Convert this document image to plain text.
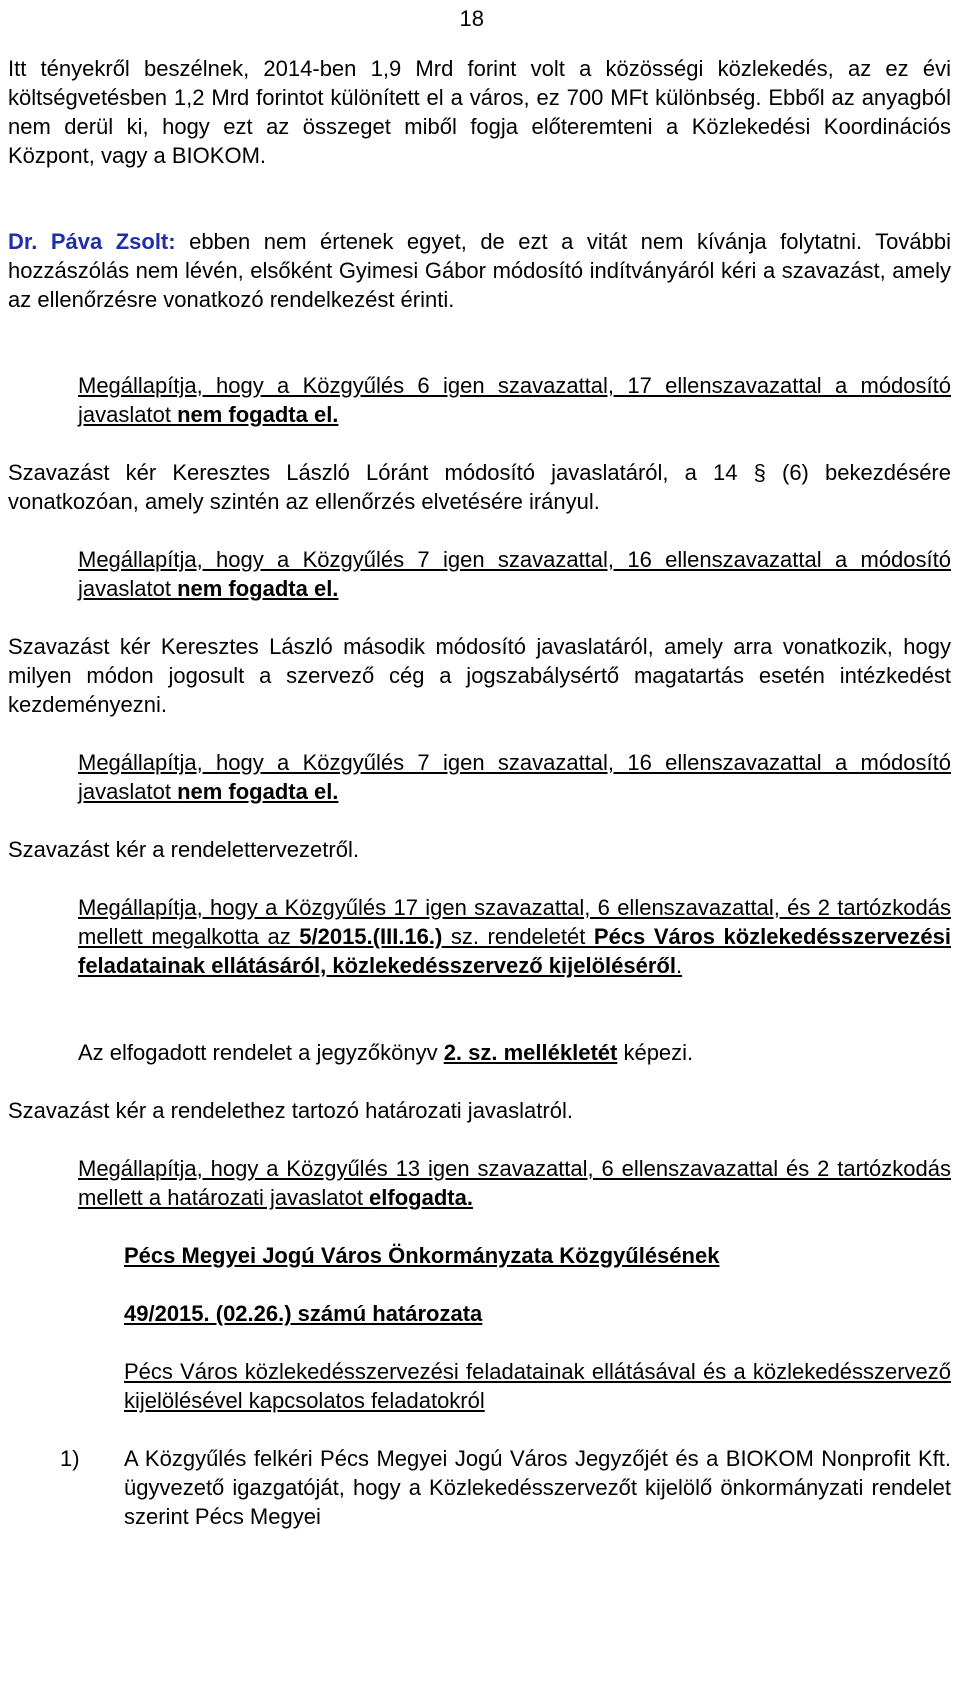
18

Itt tényekről beszélnek, 2014-ben 1,9 Mrd forint volt a közösségi közlekedés, az ez évi költségvetésben 1,2 Mrd forintot különített el a város, ez 700 MFt különbség. Ebből az anyagból nem derül ki, hogy ezt az összeget miből fogja előteremteni a Közlekedési Koordinációs Központ, vagy a BIOKOM.

Dr. Páva Zsolt: ebben nem értenek egyet, de ezt a vitát nem kívánja folytatni. További hozzászólás nem lévén, elsőként Gyimesi Gábor módosító indítványáról kéri a szavazást, amely az ellenőrzésre vonatkozó rendelkezést érinti.

Megállapítja, hogy a Közgyűlés 6 igen szavazattal, 17 ellenszavazattal a módosító javaslatot nem fogadta el.

Szavazást kér Keresztes László Lóránt módosító javaslatáról, a 14 § (6) bekezdésére vonatkozóan, amely szintén az ellenőrzés elvetésére irányul.

Megállapítja, hogy a Közgyűlés 7 igen szavazattal, 16 ellenszavazattal a módosító javaslatot nem fogadta el.

Szavazást kér Keresztes László második módosító javaslatáról, amely arra vonatkozik, hogy milyen módon jogosult a szervező cég a jogszabálysértő magatartás esetén intézkedést kezdeményezni.

Megállapítja, hogy a Közgyűlés 7 igen szavazattal, 16 ellenszavazattal a módosító javaslatot nem fogadta el.

Szavazást kér a rendelettervezetről.

Megállapítja, hogy a Közgyűlés 17 igen szavazattal, 6 ellenszavazattal, és 2 tartózkodás mellett megalkotta az 5/2015.(III.16.) sz. rendeletét Pécs Város közlekedésszervezési feladatainak ellátásáról, közlekedésszervező kijelöléséről.

Az elfogadott rendelet a jegyzőkönyv 2. sz. mellékletét képezi.

Szavazást kér a rendelethez tartozó határozati javaslatról.

Megállapítja, hogy a Közgyűlés 13 igen szavazattal, 6 ellenszavazattal és 2 tartózkodás mellett a határozati javaslatot elfogadta.

Pécs Megyei Jogú Város Önkormányzata Közgyűlésének

49/2015. (02.26.) számú határozata

Pécs Város közlekedésszervezési feladatainak ellátásával és a közlekedésszervező kijelölésével kapcsolatos feladatokról

1) A Közgyűlés felkéri Pécs Megyei Jogú Város Jegyzőjét és a BIOKOM Nonprofit Kft. ügyvezető igazgatóját, hogy a Közlekedésszervezőt kijelölő önkormányzati rendelet szerint Pécs Megyei
